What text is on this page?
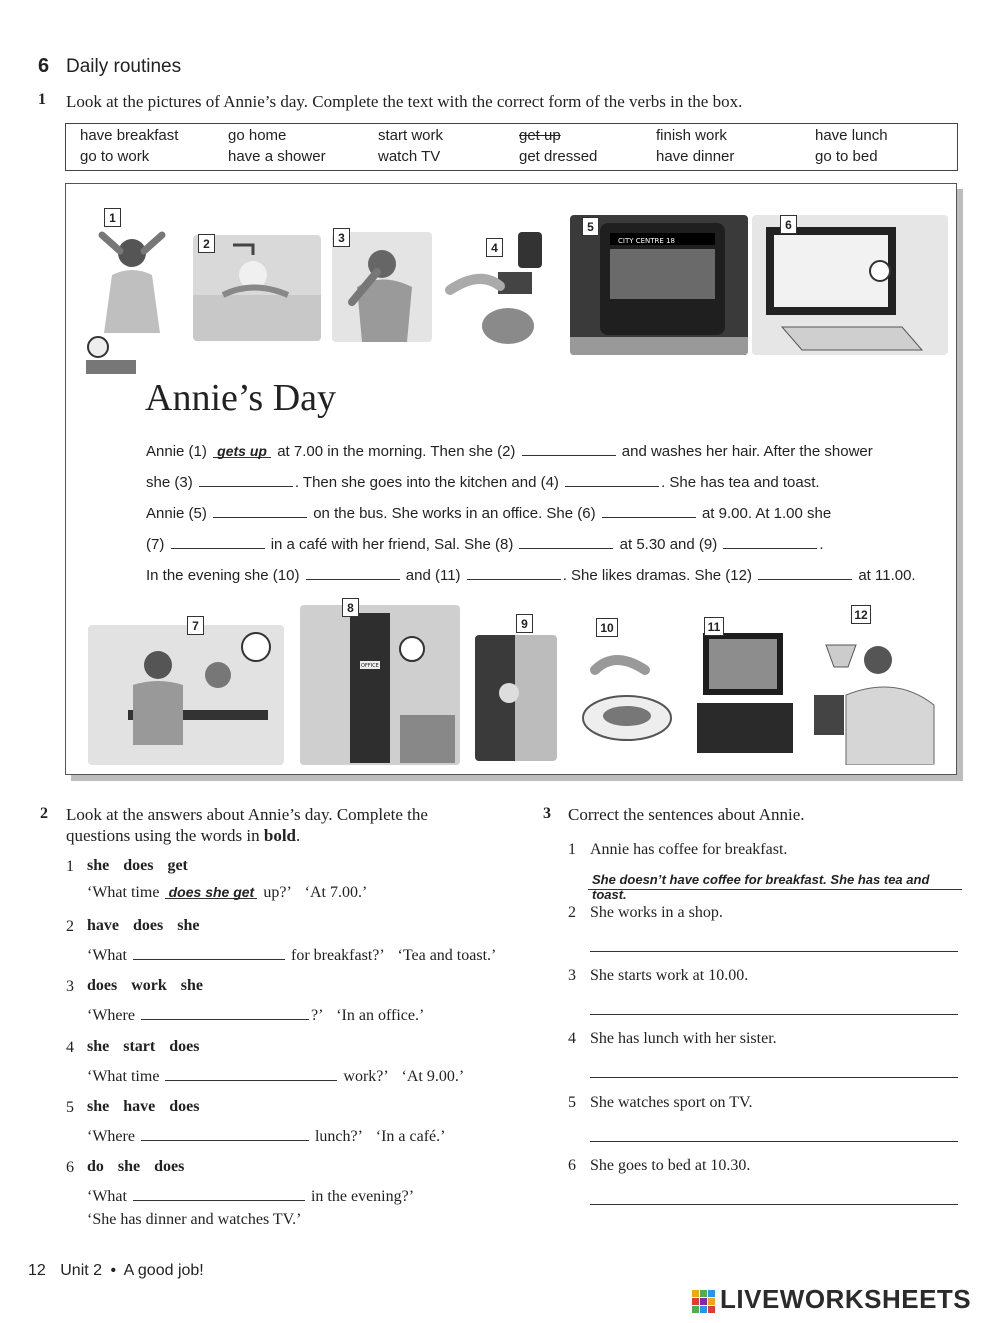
6 Daily routines
1 Look at the pictures of Annie’s day. Complete the text with the correct form of the verbs in the box.
have breakfast	go home	start work	get up	finish work	have lunch
go to work	have a shower	watch TV	get dressed	have dinner	go to bed
CITY CENTRE 18
1
2	3
4
5	6
Annie’s Day
Annie (1) gets up at 7.00 in the morning. Then she (2)	and washes her hair. After the shower
she (3)	. Then she goes into the kitchen and (4)	. She has tea and toast.
Annie (5)	on the bus. She works in an office. She (6)	at 9.00. At 1.00 she
(7)	in a café with her friend, Sal. She (8)	at 5.30 and (9)	.
In the evening she (10)	and (11)	. She likes dramas. She (12)	at 11.00.
OFFICE
7
8
9	10	11
12
2 Look at the answers about Annie’s day. Complete the
questions using the words in bold.
1 she does get
‘What time does she get up?’ ‘At 7.00.’
2 have does she
‘What	for breakfast?’ ‘Tea and toast.’
3 does work she
‘Where	?’ ‘In an office.’
4 she start does
‘What time	work?’ ‘At 9.00.’
5 she have does
‘Where	lunch?’ ‘In a café.’
6 do she does
‘What	in the evening?’
‘She has dinner and watches TV.’
3 Correct the sentences about Annie.
1 Annie has coffee for breakfast.
She doesn’t have coffee for breakfast. She has tea and toast.
2 She works in a shop.
3 She starts work at 10.00.
4 She has lunch with her sister.
5 She watches sport on TV.
6 She goes to bed at 10.30.
12 Unit 2 • A good job!
LIVEWORKSHEETS
